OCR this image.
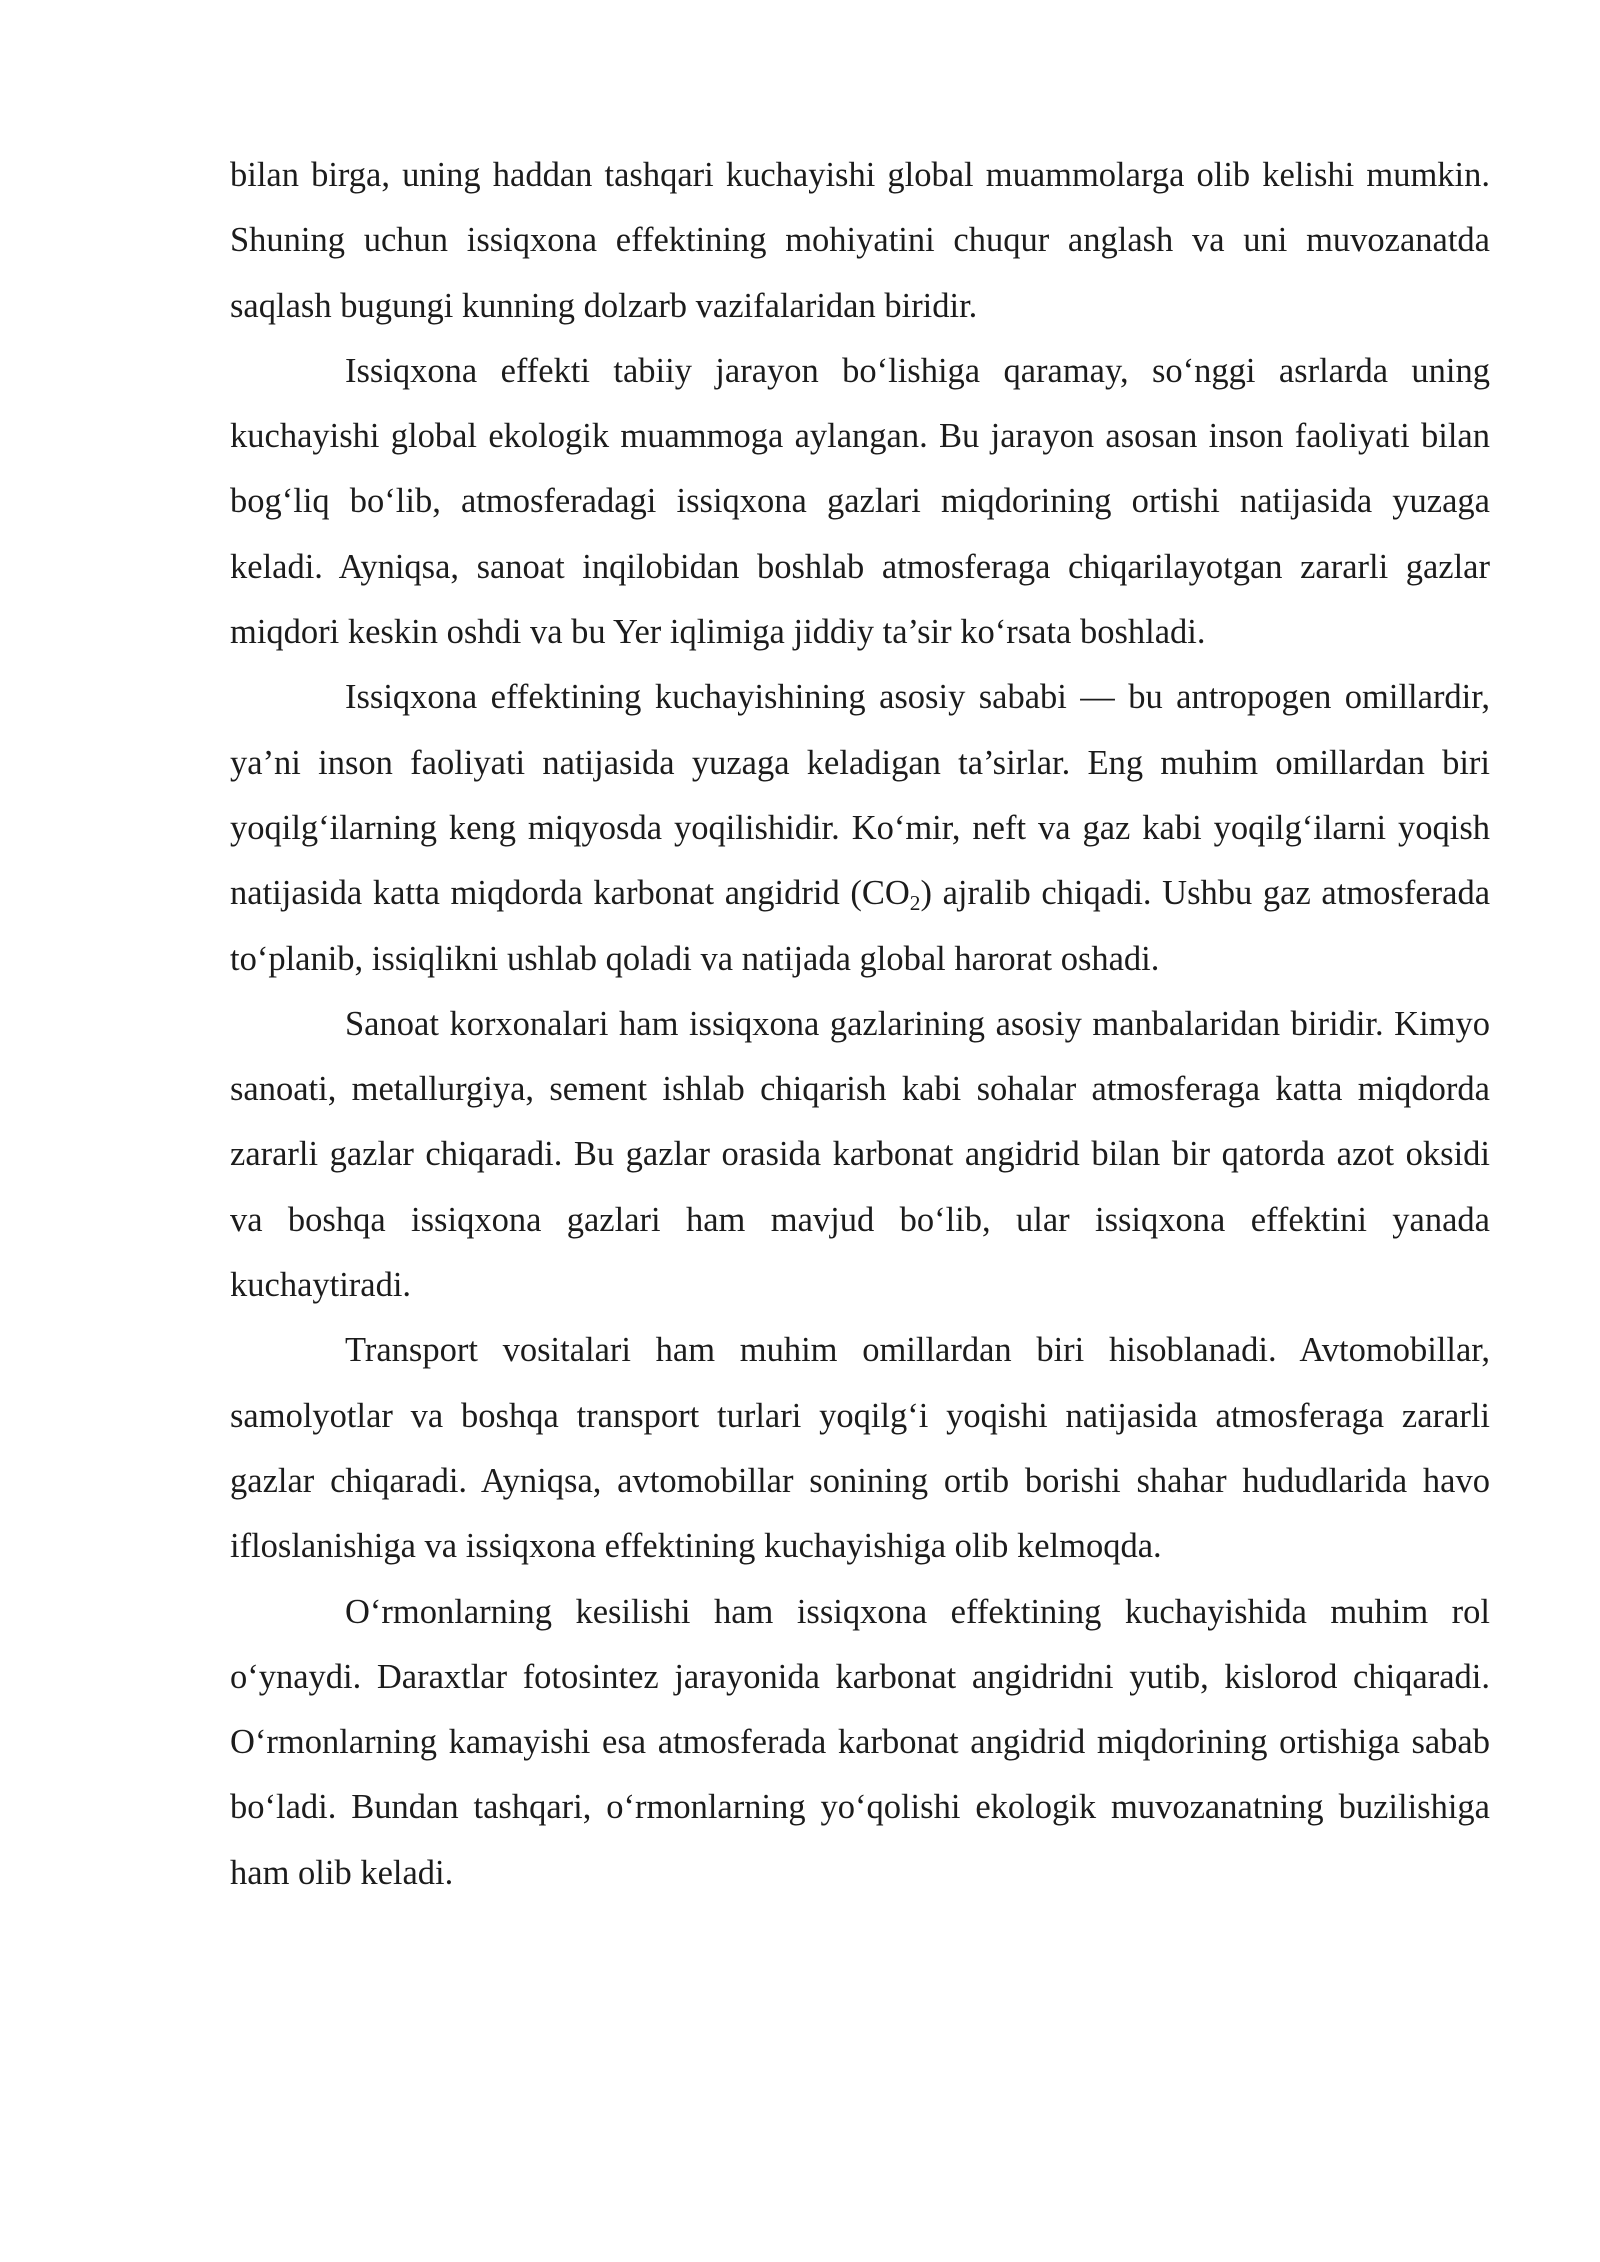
bilan birga, uning haddan tashqari kuchayishi global muammolarga olib kelishi mumkin. Shuning uchun issiqxona effektining mohiyatini chuqur anglash va uni muvozanatda saqlash bugungi kunning dolzarb vazifalaridan biridir.

Issiqxona effekti tabiiy jarayon bo‘lishiga qaramay, so‘nggi asrlarda uning kuchayishi global ekologik muammoga aylangan. Bu jarayon asosan inson faoliyati bilan bog‘liq bo‘lib, atmosferadagi issiqxona gazlari miqdorining ortishi natijasida yuzaga keladi. Ayniqsa, sanoat inqilobidan boshlab atmosferaga chiqarilayotgan zararli gazlar miqdori keskin oshdi va bu Yer iqlimiga jiddiy ta’sir ko‘rsata boshladi.

Issiqxona effektining kuchayishining asosiy sababi — bu antropogen omillardir, ya’ni inson faoliyati natijasida yuzaga keladigan ta’sirlar. Eng muhim omillardan biri yoqilg‘ilarning keng miqyosda yoqilishidir. Ko‘mir, neft va gaz kabi yoqilg‘ilarni yoqish natijasida katta miqdorda karbonat angidrid $(CO_2)$ ajralib chiqadi. Ushbu gaz atmosferada to‘planib, issiqlikni ushlab qoladi va natijada global harorat oshadi.

Sanoat korxonalari ham issiqxona gazlarining asosiy manbalaridan biridir. Kimyo sanoati, metallurgiya, sement ishlab chiqarish kabi sohalar atmosferaga katta miqdorda zararli gazlar chiqaradi. Bu gazlar orasida karbonat angidrid bilan bir qatorda azot oksidi va boshqa issiqxona gazlari ham mavjud bo‘lib, ular issiqxona effektini yanada kuchaytiradi.

Transport vositalari ham muhim omillardan biri hisoblanadi. Avtomobillar, samolyotlar va boshqa transport turlari yoqilg‘i yoqishi natijasida atmosferaga zararli gazlar chiqaradi. Ayniqsa, avtomobillar sonining ortib borishi shahar hududlarida havo ifloslanishiga va issiqxona effektining kuchayishiga olib kelmoqda.

O‘rmonlarning kesilishi ham issiqxona effektining kuchayishida muhim rol o‘ynaydi. Daraxtlar fotosintez jarayonida karbonat angidridni yutib, kislorod chiqaradi. O‘rmonlarning kamayishi esa atmosferada karbonat angidrid miqdorining ortishiga sabab bo‘ladi. Bundan tashqari, o‘rmonlarning yo‘qolishi ekologik muvozanatning buzilishiga ham olib keladi.
